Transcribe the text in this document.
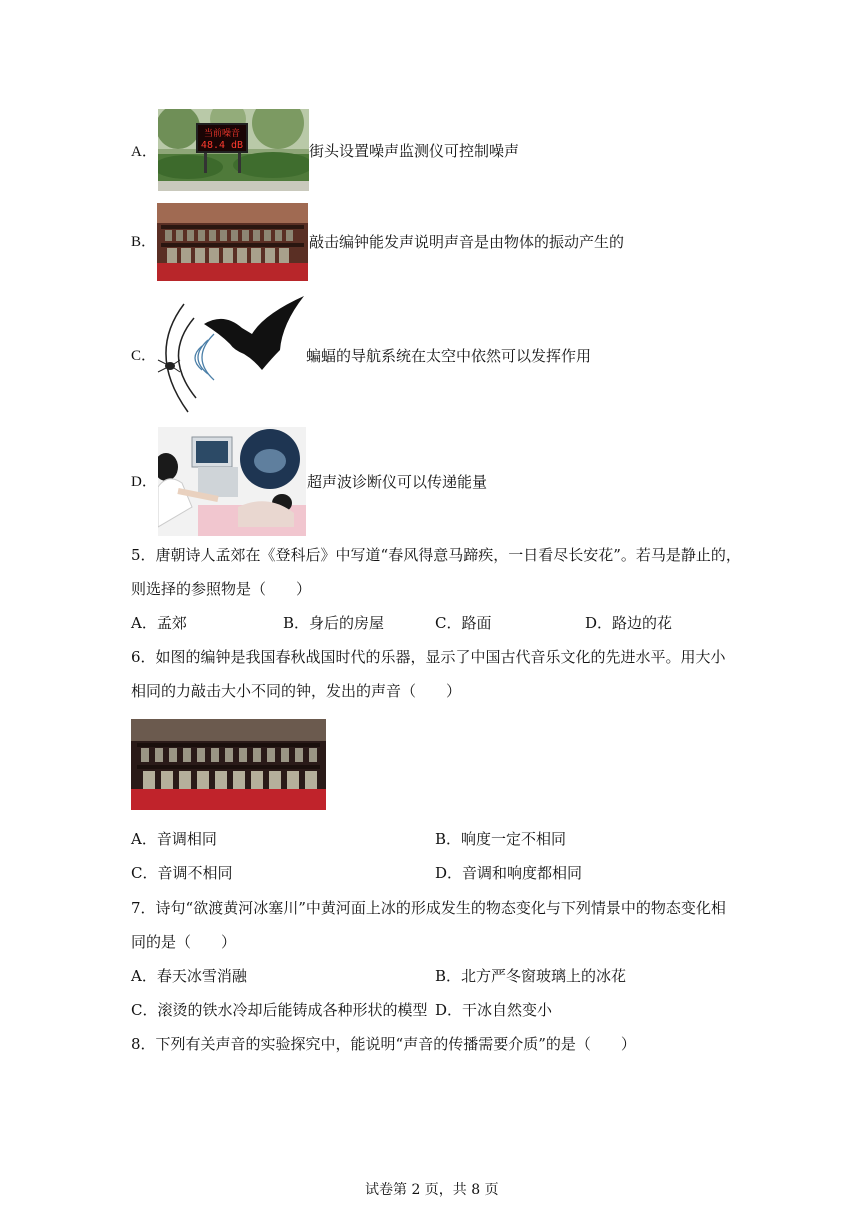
A．
当前噪音
48.4 dB	街头设置噪声监测仪可控制噪声
B．	敲击编钟能发声说明声音是由物体的振动产生的
C．	蝙蝠的导航系统在太空中依然可以发挥作用
D．	超声波诊断仪可以传递能量
5．唐朝诗人孟郊在《登科后》中写道“春风得意马蹄疾，一日看尽长安花”。若马是静止的，
则选择的参照物是（　　）
A．孟郊	B．身后的房屋	C．路面	D．路边的花
6．如图的编钟是我国春秋战国时代的乐器，显示了中国古代音乐文化的先进水平。用大小
相同的力敲击大小不同的钟，发出的声音（　　）
A．音调相同	B．响度一定不相同
C．音调不相同	D．音调和响度都相同
7．诗句“欲渡黄河冰塞川”中黄河面上冰的形成发生的物态变化与下列情景中的物态变化相
同的是（　　）
A．春天冰雪消融	B．北方严冬窗玻璃上的冰花
C．滚烫的铁水冷却后能铸成各种形状的模型 D．干冰自然变小
8．下列有关声音的实验探究中，能说明“声音的传播需要介质”的是（　　）
试卷第 2 页，共 8 页
